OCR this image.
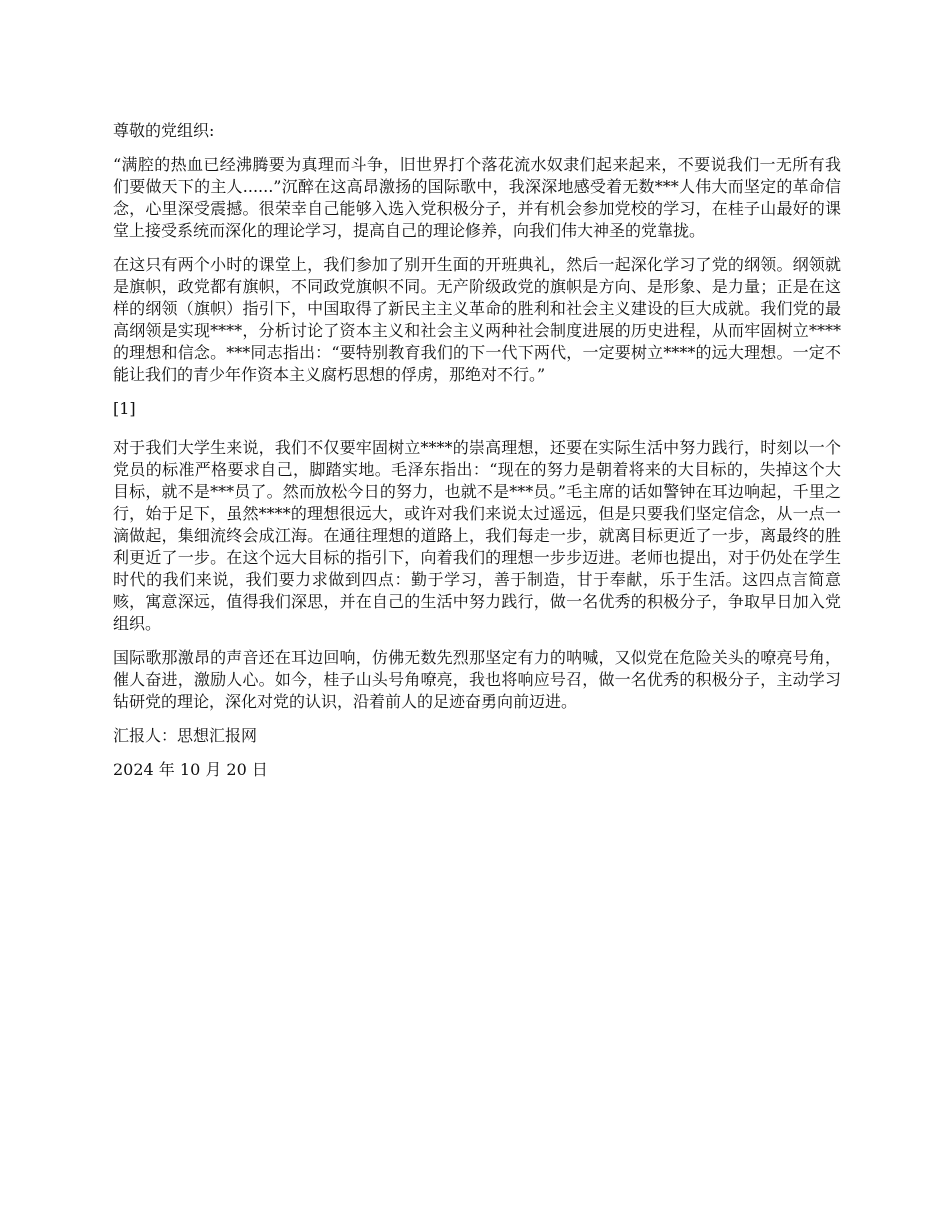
尊敬的党组织:

“满腔的热血已经沸腾要为真理而斗争，旧世界打个落花流水奴隶们起来起来，不要说我们一无所有我们要做天下的主人......”沉醉在这高昂激扬的国际歌中，我深深地感受着无数***人伟大而坚定的革命信念，心里深受震撼。很荣幸自己能够入选入党积极分子，并有机会参加党校的学习，在桂子山最好的课堂上接受系统而深化的理论学习，提高自己的理论修养，向我们伟大神圣的党靠拢。

在这只有两个小时的课堂上，我们参加了别开生面的开班典礼，然后一起深化学习了党的纲领。纲领就是旗帜，政党都有旗帜，不同政党旗帜不同。无产阶级政党的旗帜是方向、是形象、是力量；正是在这样的纲领（旗帜）指引下，中国取得了新民主主义革命的胜利和社会主义建设的巨大成就。我们党的最高纲领是实现****，分析讨论了资本主义和社会主义两种社会制度进展的历史进程，从而牢固树立****的理想和信念。***同志指出：“要特别教育我们的下一代下两代，一定要树立****的远大理想。一定不能让我们的青少年作资本主义腐朽思想的俘虏，那绝对不行。”

[1]

对于我们大学生来说，我们不仅要牢固树立****的崇高理想，还要在实际生活中努力践行，时刻以一个党员的标准严格要求自己，脚踏实地。毛泽东指出：“现在的努力是朝着将来的大目标的，失掉这个大目标，就不是***员了。然而放松今日的努力，也就不是***员。”毛主席的话如警钟在耳边响起，千里之行，始于足下，虽然****的理想很远大，或许对我们来说太过遥远，但是只要我们坚定信念，从一点一滴做起，集细流终会成江海。在通往理想的道路上，我们每走一步，就离目标更近了一步，离最终的胜利更近了一步。在这个远大目标的指引下，向着我们的理想一步步迈进。老师也提出，对于仍处在学生时代的我们来说，我们要力求做到四点：勤于学习，善于制造，甘于奉献，乐于生活。这四点言简意赅，寓意深远，值得我们深思，并在自己的生活中努力践行，做一名优秀的积极分子，争取早日加入党组织。

国际歌那激昂的声音还在耳边回响，仿佛无数先烈那坚定有力的呐喊，又似党在危险关头的嘹亮号角，催人奋进，激励人心。如今，桂子山头号角嘹亮，我也将响应号召，做一名优秀的积极分子，主动学习钻研党的理论，深化对党的认识，沿着前人的足迹奋勇向前迈进。

汇报人：思想汇报网

2024 年 10 月 20 日
